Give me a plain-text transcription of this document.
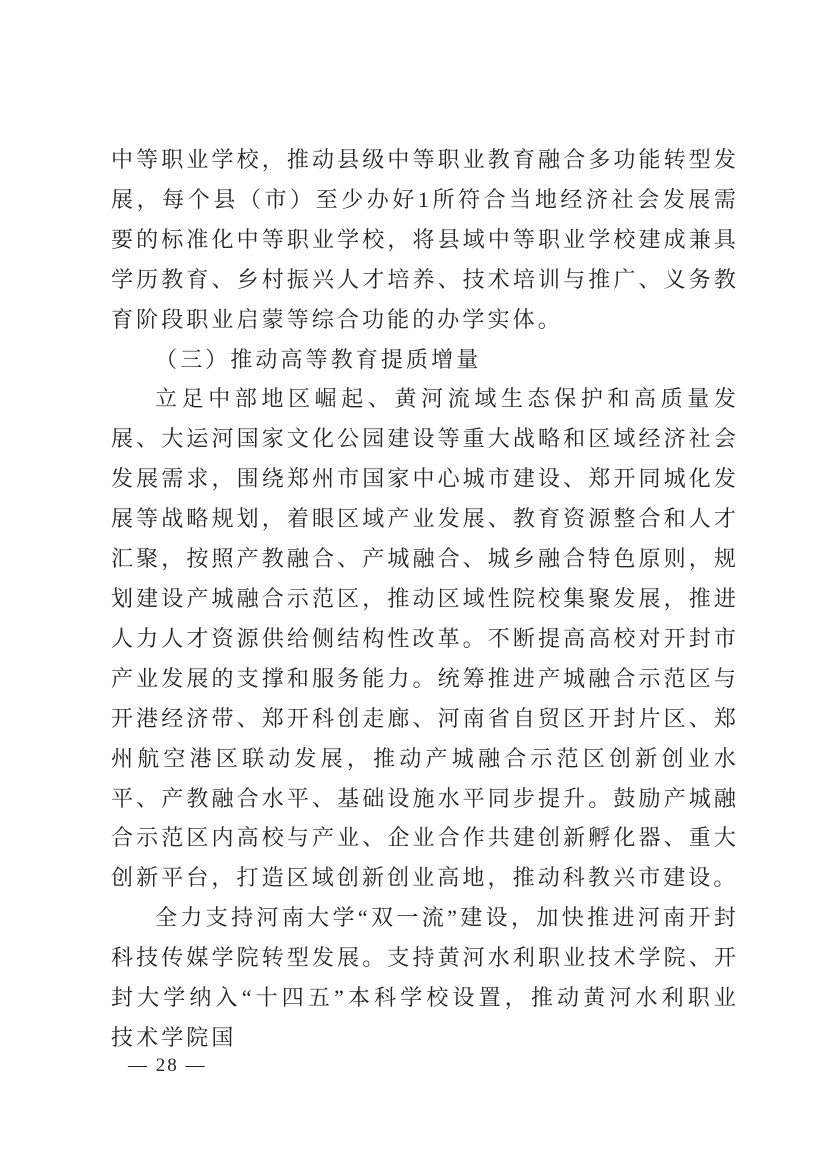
中等职业学校，推动县级中等职业教育融合多功能转型发展，每个县（市）至少办好1所符合当地经济社会发展需要的标准化中等职业学校，将县域中等职业学校建成兼具学历教育、乡村振兴人才培养、技术培训与推广、义务教育阶段职业启蒙等综合功能的办学实体。

（三）推动高等教育提质增量

立足中部地区崛起、黄河流域生态保护和高质量发展、大运河国家文化公园建设等重大战略和区域经济社会发展需求，围绕郑州市国家中心城市建设、郑开同城化发展等战略规划，着眼区域产业发展、教育资源整合和人才汇聚，按照产教融合、产城融合、城乡融合特色原则，规划建设产城融合示范区，推动区域性院校集聚发展，推进人力人才资源供给侧结构性改革。不断提高高校对开封市产业发展的支撑和服务能力。统筹推进产城融合示范区与开港经济带、郑开科创走廊、河南省自贸区开封片区、郑州航空港区联动发展，推动产城融合示范区创新创业水平、产教融合水平、基础设施水平同步提升。鼓励产城融合示范区内高校与产业、企业合作共建创新孵化器、重大创新平台，打造区域创新创业高地，推动科教兴市建设。

全力支持河南大学“双一流”建设，加快推进河南开封科技传媒学院转型发展。支持黄河水利职业技术学院、开封大学纳入“十四五”本科学校设置，推动黄河水利职业技术学院国

— 28 —
